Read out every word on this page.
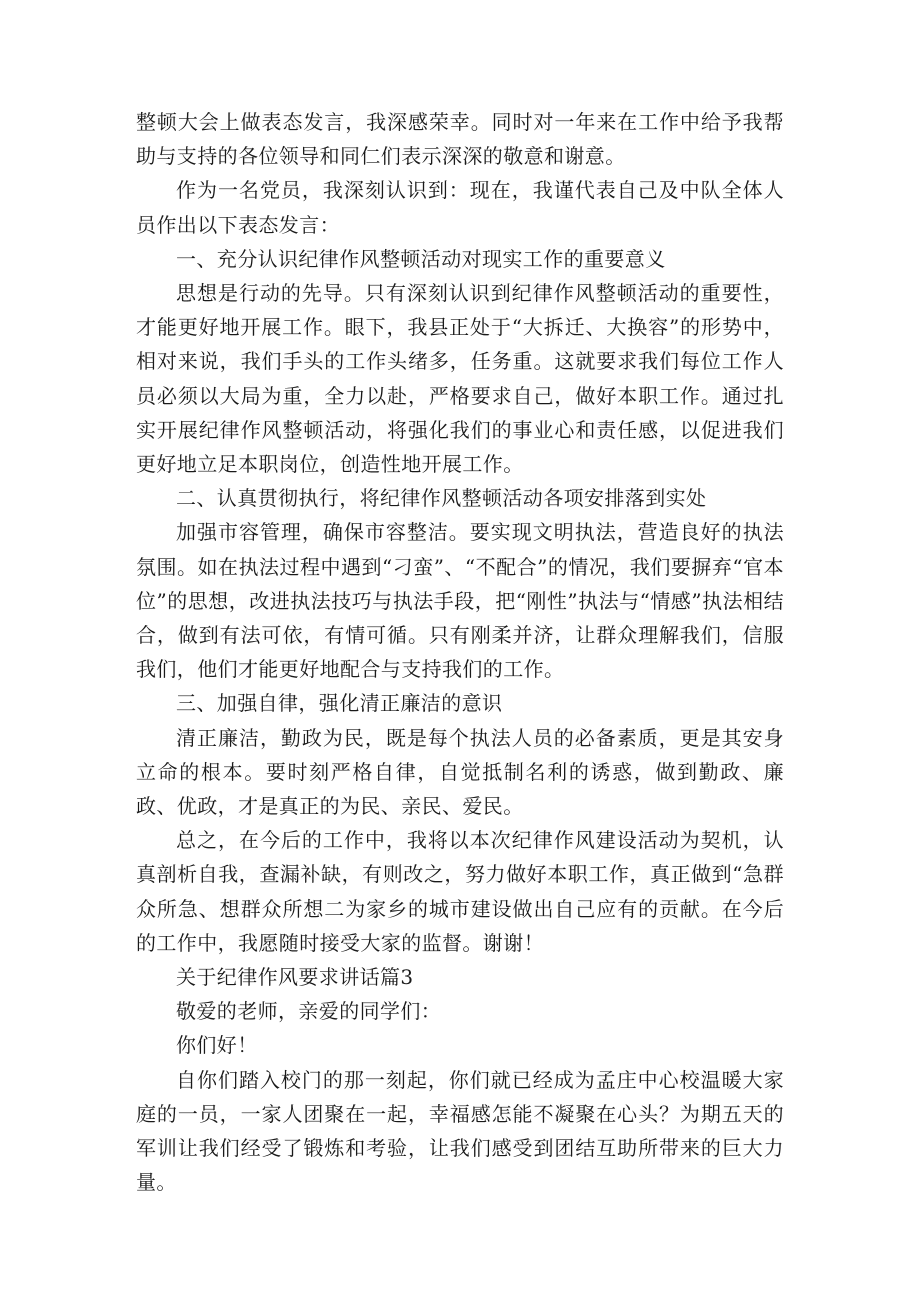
整顿大会上做表态发言，我深感荣幸。同时对一年来在工作中给予我帮助与支持的各位领导和同仁们表示深深的敬意和谢意。

作为一名党员，我深刻认识到：现在，我谨代表自己及中队全体人员作出以下表态发言：

一、充分认识纪律作风整顿活动对现实工作的重要意义

思想是行动的先导。只有深刻认识到纪律作风整顿活动的重要性，才能更好地开展工作。眼下，我县正处于“大拆迁、大换容”的形势中，相对来说，我们手头的工作头绪多，任务重。这就要求我们每位工作人员必须以大局为重，全力以赴，严格要求自己，做好本职工作。通过扎实开展纪律作风整顿活动，将强化我们的事业心和责任感，以促进我们更好地立足本职岗位，创造性地开展工作。

二、认真贯彻执行，将纪律作风整顿活动各项安排落到实处

加强市容管理，确保市容整洁。要实现文明执法，营造良好的执法氛围。如在执法过程中遇到“刁蛮”、“不配合”的情况，我们要摒弃“官本位”的思想，改进执法技巧与执法手段，把“刚性”执法与“情感”执法相结合，做到有法可依，有情可循。只有刚柔并济，让群众理解我们，信服我们，他们才能更好地配合与支持我们的工作。

三、加强自律，强化清正廉洁的意识

清正廉洁，勤政为民，既是每个执法人员的必备素质，更是其安身立命的根本。要时刻严格自律，自觉抵制名利的诱惑，做到勤政、廉政、优政，才是真正的为民、亲民、爱民。

总之，在今后的工作中，我将以本次纪律作风建设活动为契机，认真剖析自我，查漏补缺，有则改之，努力做好本职工作，真正做到“急群众所急、想群众所想二为家乡的城市建设做出自己应有的贡献。在今后的工作中，我愿随时接受大家的监督。谢谢！

关于纪律作风要求讲话篇3

敬爱的老师，亲爱的同学们：

你们好！

自你们踏入校门的那一刻起，你们就已经成为孟庄中心校温暖大家庭的一员，一家人团聚在一起，幸福感怎能不凝聚在心头？为期五天的军训让我们经受了锻炼和考验，让我们感受到团结互助所带来的巨大力量。
